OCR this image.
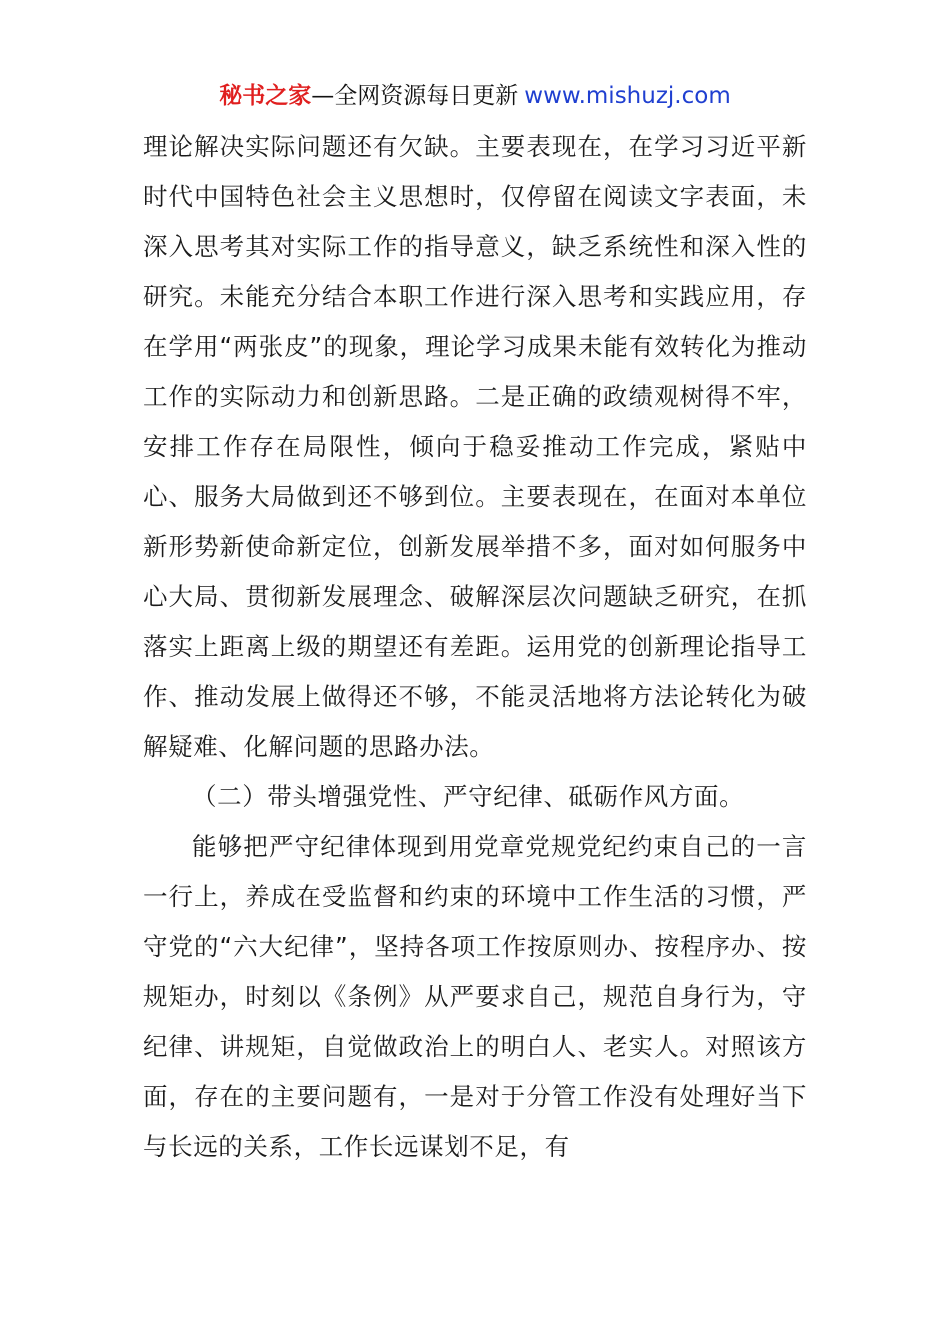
秘书之家—全网资源每日更新 www.mishuzj.com

理论解决实际问题还有欠缺。主要表现在，在学习习近平新时代中国特色社会主义思想时，仅停留在阅读文字表面，未深入思考其对实际工作的指导意义，缺乏系统性和深入性的研究。未能充分结合本职工作进行深入思考和实践应用，存在学用“两张皮”的现象，理论学习成果未能有效转化为推动工作的实际动力和创新思路。二是正确的政绩观树得不牢，安排工作存在局限性，倾向于稳妥推动工作完成，紧贴中心、服务大局做到还不够到位。主要表现在，在面对本单位新形势新使命新定位，创新发展举措不多，面对如何服务中心大局、贯彻新发展理念、破解深层次问题缺乏研究，在抓落实上距离上级的期望还有差距。运用党的创新理论指导工作、推动发展上做得还不够，不能灵活地将方法论转化为破解疑难、化解问题的思路办法。

（二）带头增强党性、严守纪律、砥砺作风方面。

能够把严守纪律体现到用党章党规党纪约束自己的一言一行上，养成在受监督和约束的环境中工作生活的习惯，严守党的“六大纪律”，坚持各项工作按原则办、按程序办、按规矩办，时刻以《条例》从严要求自己，规范自身行为，守纪律、讲规矩，自觉做政治上的明白人、老实人。对照该方面，存在的主要问题有，一是对于分管工作没有处理好当下与长远的关系，工作长远谋划不足，有
